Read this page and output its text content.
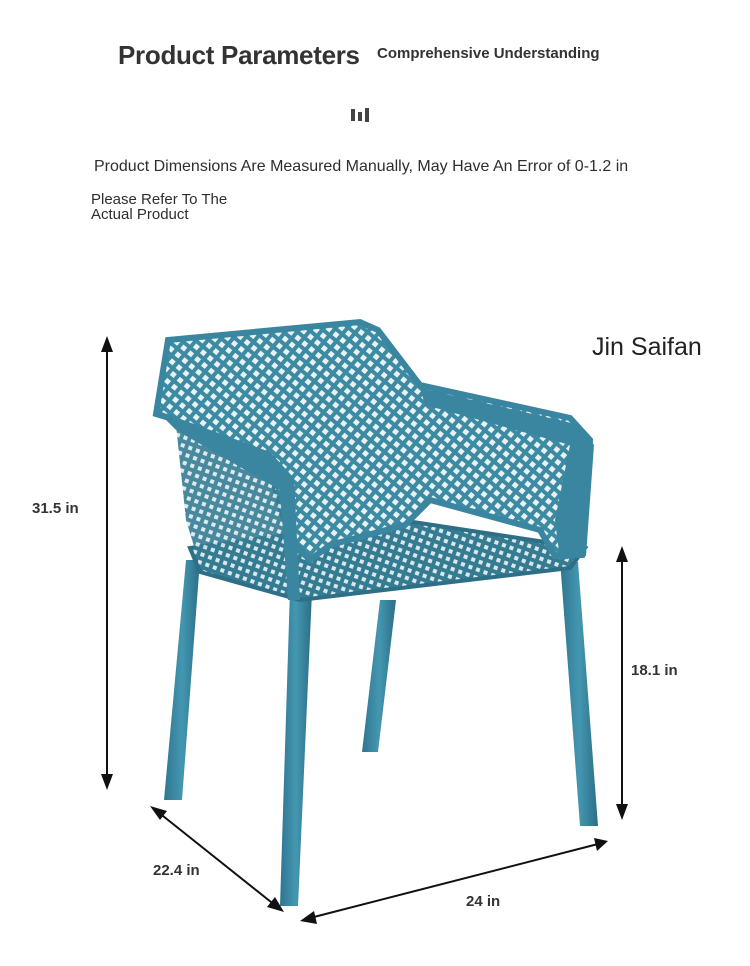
Product Parameters Comprehensive Understanding
Product Dimensions Are Measured Manually, May Have An Error of 0-1.2 in
Please Refer To The
Actual Product
Jin Saifan
31.5 in
18.1 in
22.4 in
24 in
